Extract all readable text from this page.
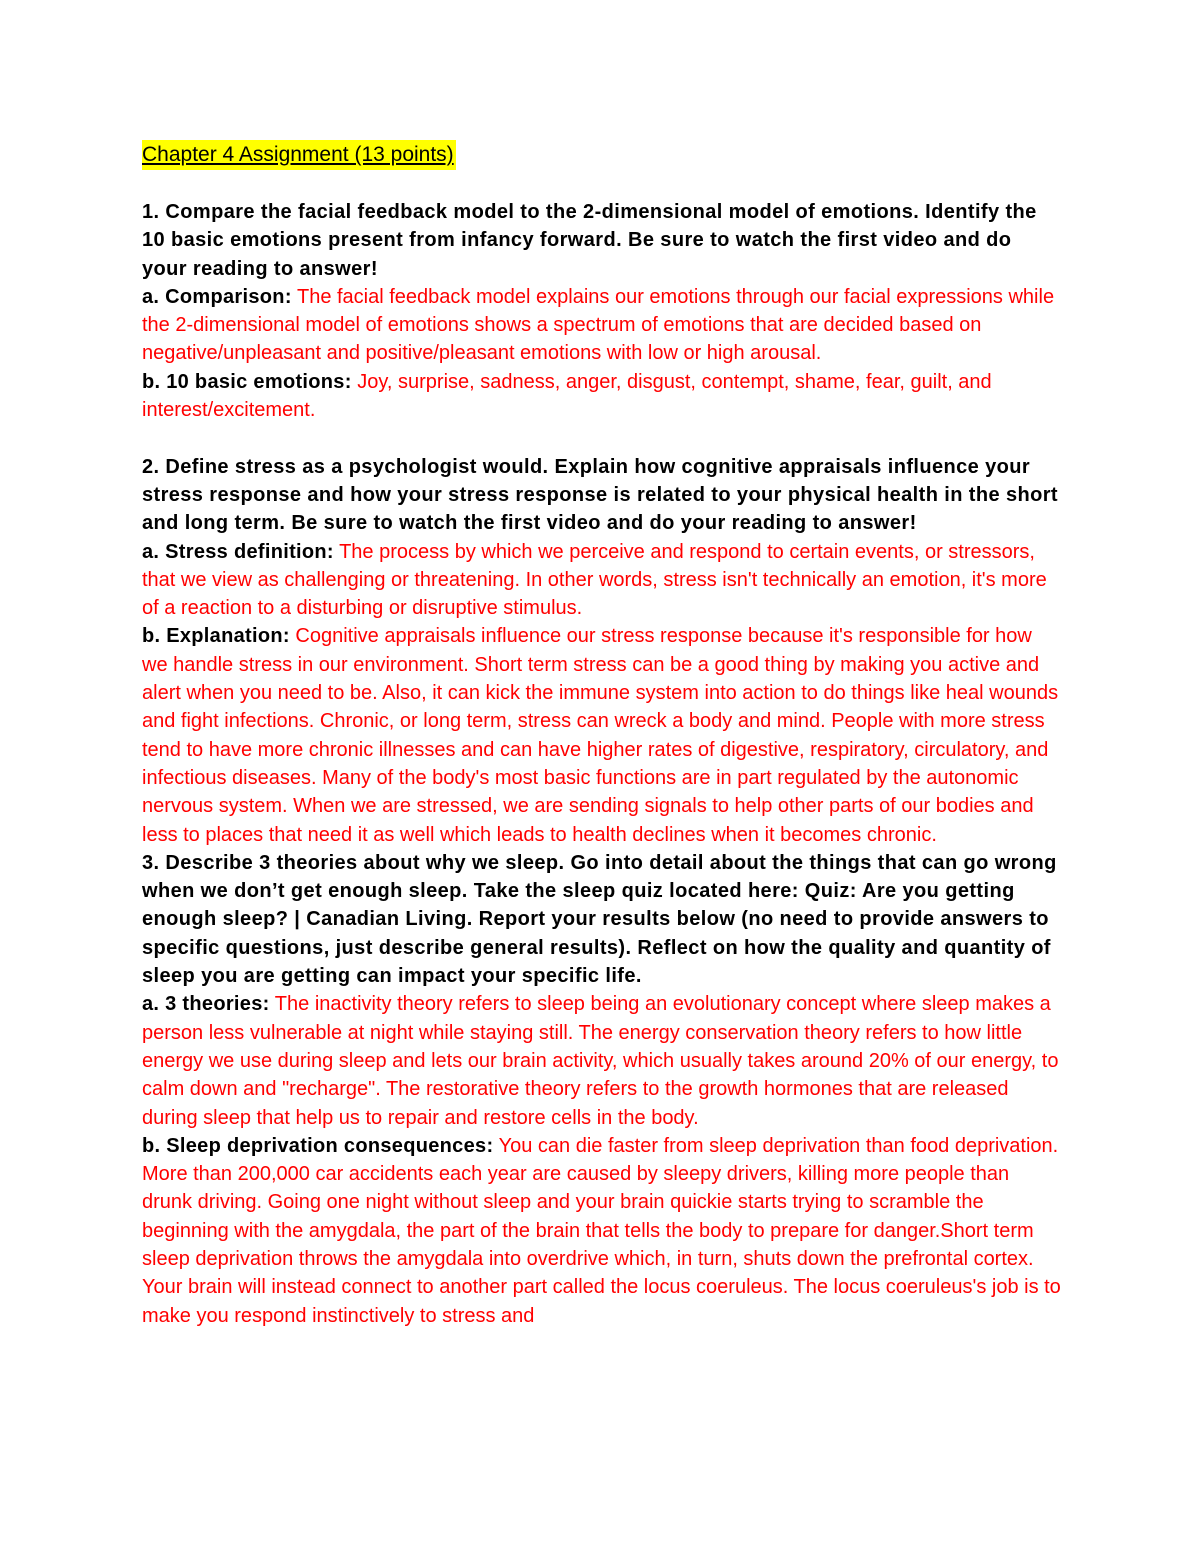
Chapter 4 Assignment (13 points)

1. Compare the facial feedback model to the 2-dimensional model of emotions. Identify the 10 basic emotions present from infancy forward. Be sure to watch the first video and do your reading to answer!

a. Comparison: The facial feedback model explains our emotions through our facial expressions while the 2-dimensional model of emotions shows a spectrum of emotions that are decided based on negative/unpleasant and positive/pleasant emotions with low or high arousal.

b. 10 basic emotions: Joy, surprise, sadness, anger, disgust, contempt, shame, fear, guilt, and interest/excitement.

2. Define stress as a psychologist would. Explain how cognitive appraisals influence your stress response and how your stress response is related to your physical health in the short and long term. Be sure to watch the first video and do your reading to answer!

a. Stress definition: The process by which we perceive and respond to certain events, or stressors, that we view as challenging or threatening. In other words, stress isn't technically an emotion, it's more of a reaction to a disturbing or disruptive stimulus.

b. Explanation: Cognitive appraisals influence our stress response because it's responsible for how we handle stress in our environment. Short term stress can be a good thing by making you active and alert when you need to be. Also, it can kick the immune system into action to do things like heal wounds and fight infections. Chronic, or long term, stress can wreck a body and mind. People with more stress tend to have more chronic illnesses and can have higher rates of digestive, respiratory, circulatory, and infectious diseases. Many of the body's most basic functions are in part regulated by the autonomic nervous system. When we are stressed, we are sending signals to help other parts of our bodies and less to places that need it as well which leads to health declines when it becomes chronic.

3. Describe 3 theories about why we sleep. Go into detail about the things that can go wrong when we don’t get enough sleep. Take the sleep quiz located here: Quiz: Are you getting enough sleep? | Canadian Living. Report your results below (no need to provide answers to specific questions, just describe general results). Reflect on how the quality and quantity of sleep you are getting can impact your specific life.

a. 3 theories: The inactivity theory refers to sleep being an evolutionary concept where sleep makes a person less vulnerable at night while staying still. The energy conservation theory refers to how little energy we use during sleep and lets our brain activity, which usually takes around 20% of our energy, to calm down and "recharge". The restorative theory refers to the growth hormones that are released during sleep that help us to repair and restore cells in the body.

b. Sleep deprivation consequences: You can die faster from sleep deprivation than food deprivation. More than 200,000 car accidents each year are caused by sleepy drivers, killing more people than drunk driving. Going one night without sleep and your brain quickie starts trying to scramble the beginning with the amygdala, the part of the brain that tells the body to prepare for danger.Short term sleep deprivation throws the amygdala into overdrive which, in turn, shuts down the prefrontal cortex. Your brain will instead connect to another part called the locus coeruleus. The locus coeruleus's job is to make you respond instinctively to stress and
